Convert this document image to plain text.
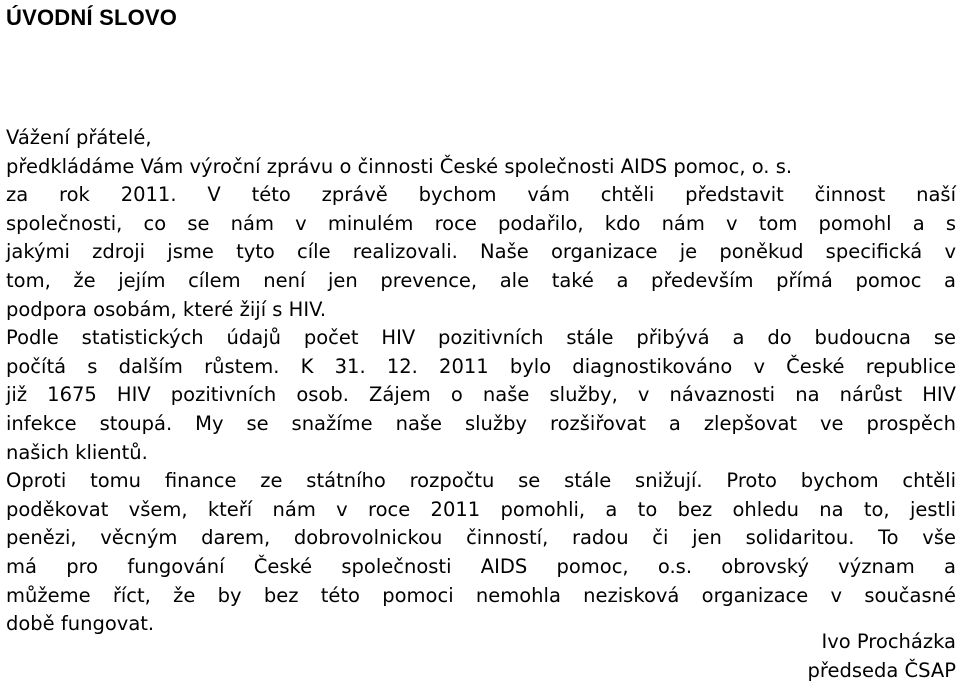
ÚVODNÍ SLOVO
Vážení přátelé,
předkládáme Vám výroční zprávu o činnosti České společnosti AIDS pomoc, o. s.
za rok 2011. V této zprávě bychom vám chtěli představit činnost naší
společnosti, co se nám v minulém roce podařilo, kdo nám v tom pomohl a s
jakými zdroji jsme tyto cíle realizovali. Naše organizace je poněkud specifická v
tom, že jejím cílem není jen prevence, ale také a především přímá pomoc a
podpora osobám, které žijí s HIV.
Podle statistických údajů počet HIV pozitivních stále přibývá a do budoucna se
počítá s dalším růstem. K 31. 12. 2011 bylo diagnostikováno v České republice
již 1675 HIV pozitivních osob. Zájem o naše služby, v návaznosti na nárůst HIV
infekce stoupá. My se snažíme naše služby rozšiřovat a zlepšovat ve prospěch
našich klientů.
Oproti tomu finance ze státního rozpočtu se stále snižují. Proto bychom chtěli
poděkovat všem, kteří nám v roce 2011 pomohli, a to bez ohledu na to, jestli
penězi, věcným darem, dobrovolnickou činností, radou či jen solidaritou. To vše
má pro fungování České společnosti AIDS pomoc, o.s. obrovský význam a
můžeme říct, že by bez této pomoci nemohla nezisková organizace v současné
době fungovat.
Ivo Procházka
předseda ČSAP
